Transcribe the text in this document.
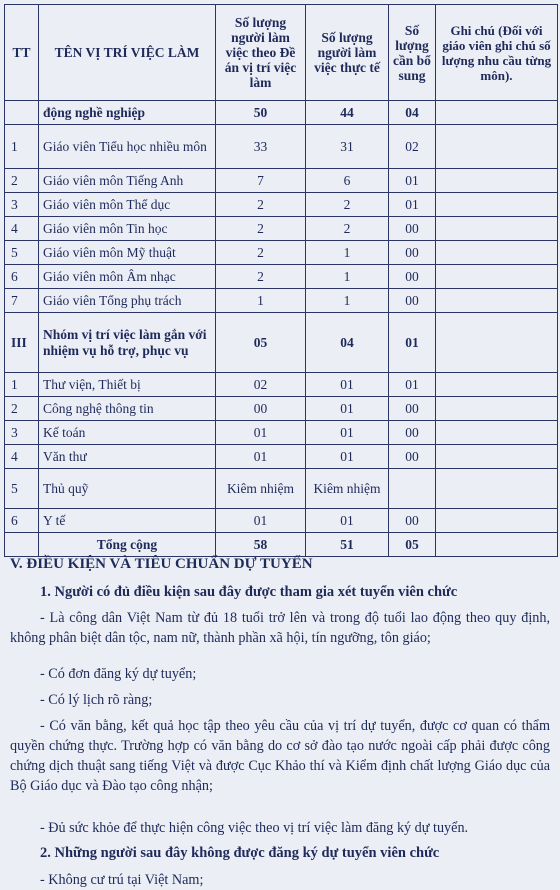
TT	TÊN VỊ TRÍ VIỆC LÀM	Số lượng người làm việc theo Đề án vị trí việc làm	Số lượng người làm việc thực tế	Số lượng cần bổ sung	Ghi chú (Đối với giáo viên ghi chú số lượng nhu cầu từng môn).
	động nghề nghiệp	50	44	04	
1	Giáo viên Tiểu học nhiều môn	33	31	02	
2	Giáo viên môn Tiếng Anh	7	6	01	
3	Giáo viên môn Thể dục	2	2	01	
4	Giáo viên môn Tin học	2	2	00	
5	Giáo viên môn Mỹ thuật	2	1	00	
6	Giáo viên môn Âm nhạc	2	1	00	
7	Giáo viên Tổng phụ trách	1	1	00	
III	Nhóm vị trí việc làm gắn với nhiệm vụ hỗ trợ, phục vụ	05	04	01	
1	Thư viện, Thiết bị	02	01	01	
2	Công nghệ thông tin	00	01	00	
3	Kế toán	01	01	00	
4	Văn thư	01	01	00	
5	Thủ quỹ	Kiêm nhiệm	Kiêm nhiệm		
6	Y tế	01	01	00	
	Tổng cộng	58	51	05	
V. ĐIỀU KIỆN VÀ TIÊU CHUẨN DỰ TUYỂN
1. Người có đủ điều kiện sau đây được tham gia xét tuyển viên chức
- Là công dân Việt Nam từ đủ 18 tuổi trở lên và trong độ tuổi lao động theo quy định, không phân biệt dân tộc, nam nữ, thành phần xã hội, tín ngưỡng, tôn giáo;
- Có đơn đăng ký dự tuyển;
- Có lý lịch rõ ràng;
- Có văn bằng, kết quả học tập theo yêu cầu của vị trí dự tuyển, được cơ quan có thẩm quyền chứng thực. Trường hợp có văn bằng do cơ sở đào tạo nước ngoài cấp phải được công chứng dịch thuật sang tiếng Việt và được Cục Khảo thí và Kiểm định chất lượng Giáo dục của Bộ Giáo dục và Đào tạo công nhận;
- Đủ sức khỏe để thực hiện công việc theo vị trí việc làm đăng ký dự tuyển.
2. Những người sau đây không được đăng ký dự tuyển viên chức
- Không cư trú tại Việt Nam;
